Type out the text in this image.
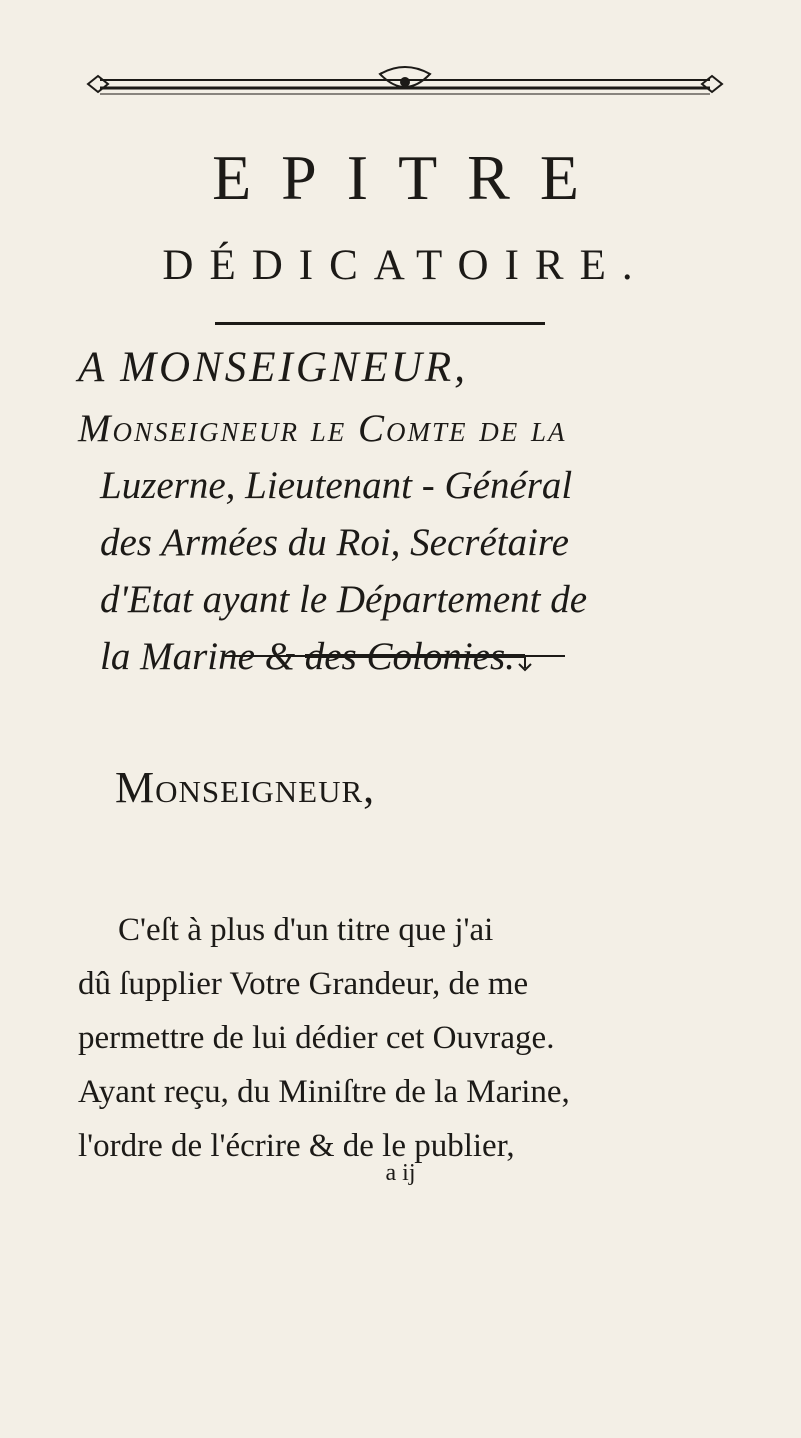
EPITRE
DÉDICATOIRE.
A MONSEIGNEUR,
Monseigneur le Comte de la
Luzerne, Lieutenant - Général
des Armées du Roi, Secrétaire
d'Etat ayant le Département de
la Marine & des Colonies.
Monseigneur,
C'eſt à plus d'un titre que j'ai
dû ſupplier Votre Grandeur, de me
permettre de lui dédier cet Ouvrage.
Ayant reçu, du Miniſtre de la Marine,
l'ordre de l'écrire & de le publier,
a ij
